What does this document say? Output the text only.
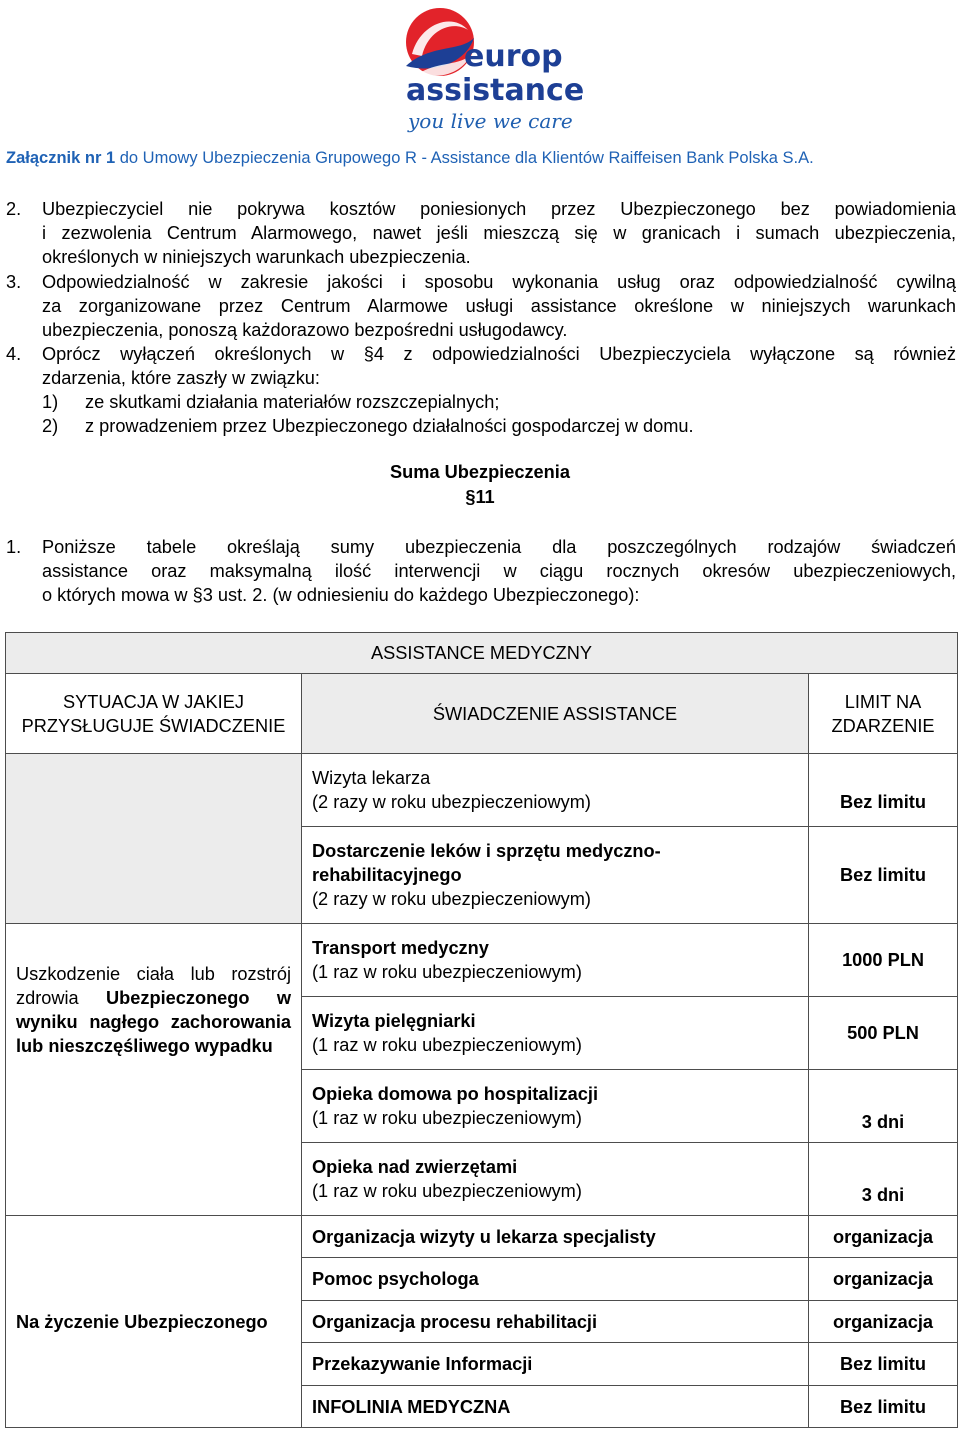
europ
assistance
you live we care
Załącznik nr 1 do Umowy Ubezpieczenia Grupowego R - Assistance dla Klientów Raiffeisen Bank Polska S.A.
2. Ubezpieczyciel nie pokrywa kosztów poniesionych przez Ubezpieczonego bez powiadomienia
i zezwolenia Centrum Alarmowego, nawet jeśli mieszczą się w granicach i sumach ubezpieczenia,
określonych w niniejszych warunkach ubezpieczenia.
3. Odpowiedzialność w zakresie jakości i sposobu wykonania usług oraz odpowiedzialność cywilną
za zorganizowane przez Centrum Alarmowe usługi assistance określone w niniejszych warunkach
ubezpieczenia, ponoszą każdorazowo bezpośredni usługodawcy.
4. Oprócz wyłączeń określonych w §4 z odpowiedzialności Ubezpieczyciela wyłączone są również
zdarzenia, które zaszły w związku:
1) ze skutkami działania materiałów rozszczepialnych;
2) z prowadzeniem przez Ubezpieczonego działalności gospodarczej w domu.
Suma Ubezpieczenia
§11
1. Poniższe tabele określają sumy ubezpieczenia dla poszczególnych rodzajów świadczeń
assistance oraz maksymalną ilość interwencji w ciągu rocznych okresów ubezpieczeniowych,
o których mowa w §3 ust. 2. (w odniesieniu do każdego Ubezpieczonego):
ASSISTANCE MEDYCZNY		
SYTUACJA W JAKIEJ PRZYSŁUGUJE ŚWIADCZENIE	ŚWIADCZENIE ASSISTANCE	LIMIT NA ZDARZENIE

	Wizyta lekarza
(2 razy w roku ubezpieczeniowym)	Bez limitu

	Dostarczenie leków i sprzętu medyczno-rehabilitacyjnego
(2 razy w roku ubezpieczeniowym)	Bez limitu

Uszkodzenie ciała lub rozstrój zdrowia Ubezpieczonego w wyniku nagłego zachorowania lub nieszczęśliwego wypadku	Transport medyczny
(1 raz w roku ubezpieczeniowym)	1000 PLN

	Wizyta pielęgniarki
(1 raz w roku ubezpieczeniowym)	500 PLN

	Opieka domowa po hospitalizacji
(1 raz w roku ubezpieczeniowym)	3 dni

	Opieka nad zwierzętami
(1 raz w roku ubezpieczeniowym)	3 dni
Na życzenie Ubezpieczonego	Organizacja wizyty u lekarza specjalisty	organizacja
	Pomoc psychologa	organizacja
	Organizacja procesu rehabilitacji	organizacja
	Przekazywanie Informacji	Bez limitu
	INFOLINIA MEDYCZNA	Bez limitu
